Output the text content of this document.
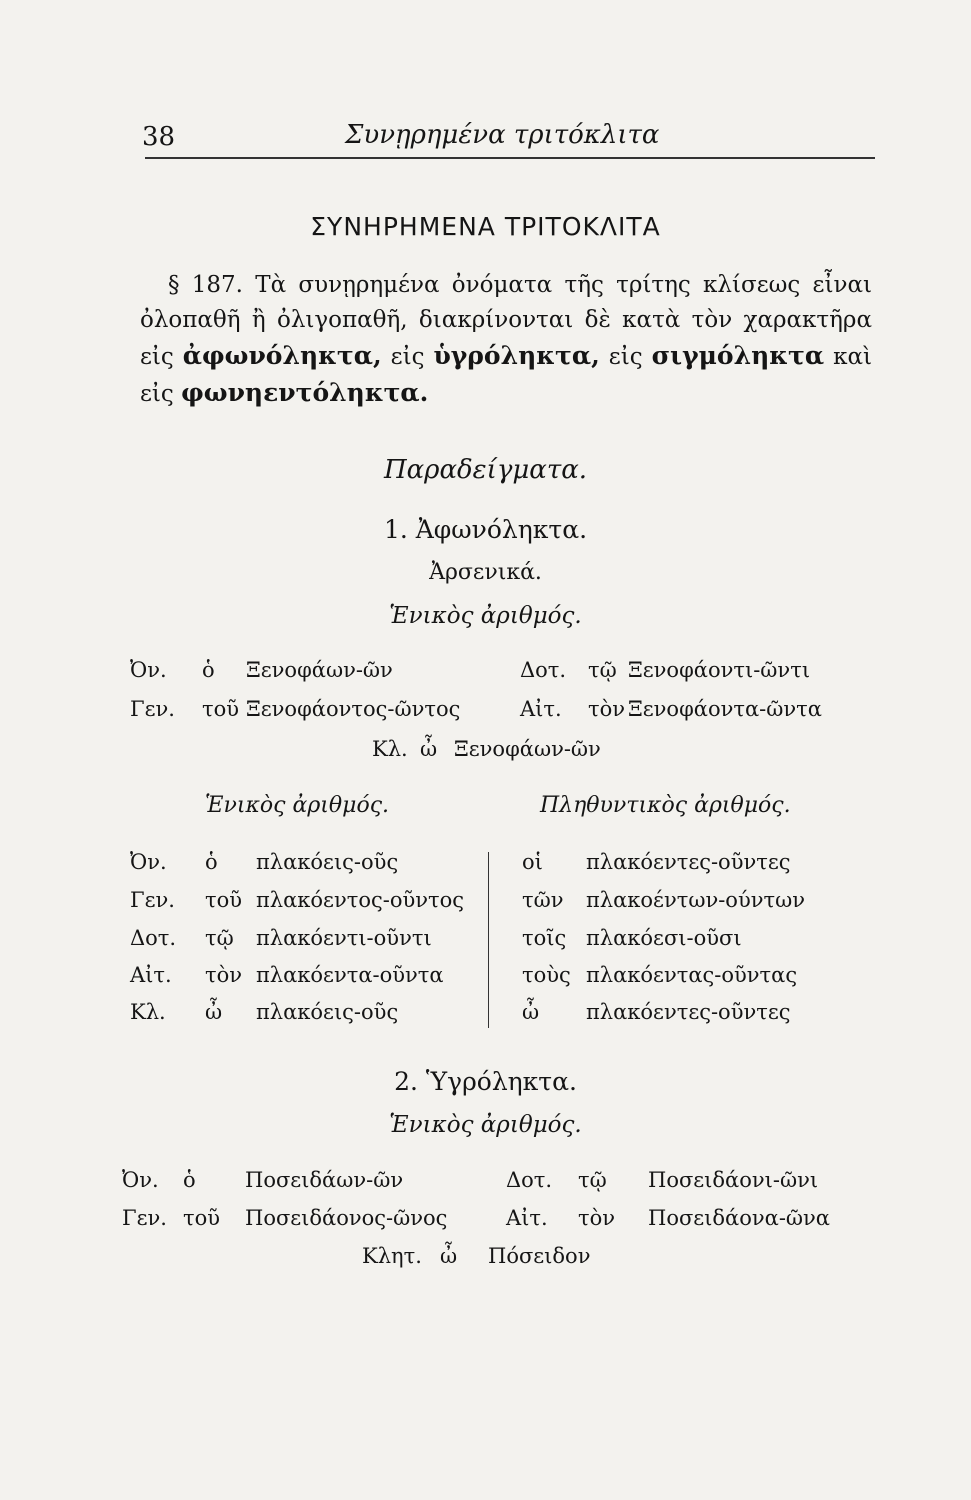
38	Συνῃρημένα τριτόκλιτα
ΣΥΝΗΡΗΜΕΝΑ ΤΡΙΤΟΚΛΙΤΑ
§ 187. Τὰ συνῃρημένα ὀνόματα τῆς τρίτης κλίσεως εἶναι ὀλοπαθῆ ἢ ὀλιγοπαθῆ, διακρίνονται δὲ κατὰ τὸν χαρακτῆρα εἰς ἀφωνόληκτα, εἰς ὑγρόληκτα, εἰς σιγμόληκτα καὶ εἰς φωνηεντόληκτα.
Παραδείγματα.
1. Ἀφωνόληκτα.
Ἀρσενικά.
Ἑνικὸς ἀριθμός.
Ὀν. ὁ Ξενοφάων-ῶν
Γεν. τοῦ Ξενοφάοντος-ῶντος
Δοτ. τῷ Ξενοφάοντι-ῶντι
Αἰτ. τὸν Ξενοφάοντα-ῶντα
Κλ. ὦ Ξενοφάων-ῶν
Ἑνικὸς ἀριθμός.	Πληθυντικὸς ἀριθμός.
Ὀν. ὁ πλακόεις-οῦς
Γεν. τοῦ πλακόεντος-οῦντος
Δοτ. τῷ πλακόεντι-οῦντι
Αἰτ. τὸν πλακόεντα-οῦντα
Κλ. ὦ πλακόεις-οῦς
οἱ πλακόεντες-οῦντες
τῶν πλακοέντων-ούντων
τοῖς πλακόεσι-οῦσι
τοὺς πλακόεντας-οῦντας
ὦ πλακόεντες-οῦντες
2. Ὑγρόληκτα.
Ἑνικὸς ἀριθμός.
Ὀν. ὁ Ποσειδάων-ῶν
Γεν. τοῦ Ποσειδάονος-ῶνος
Δοτ. τῷ Ποσειδάονι-ῶνι
Αἰτ. τὸν Ποσειδάονα-ῶνα
Κλητ. ὦ Πόσειδον
